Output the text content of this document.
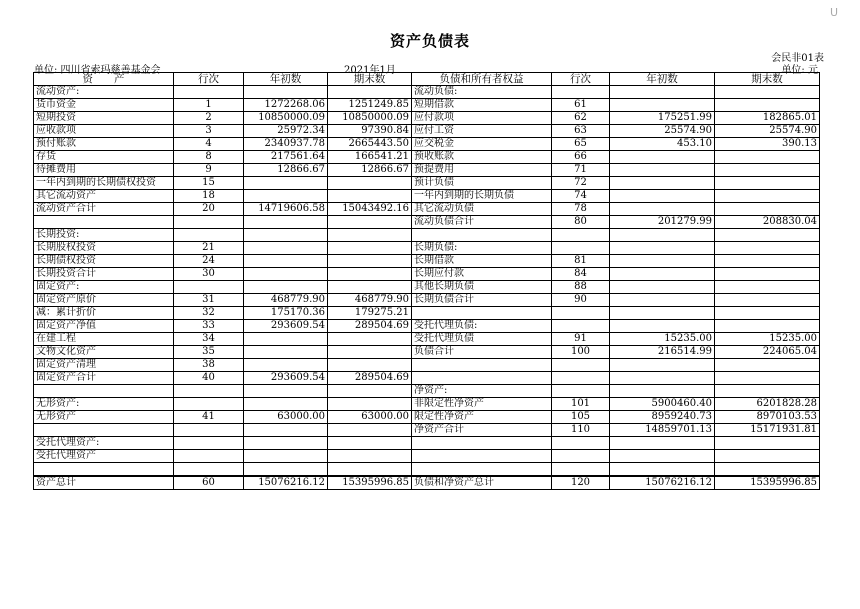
U
资产负债表
会民非01表
单位: 四川省索玛慈善基金会	2021年1月	单位: 元
资　　产	行次	年初数	期末数	负债和所有者权益	行次	年初数	期末数
流动资产:				流动负债:			
货币资金	1	1272268.06	1251249.85	短期借款	61		
短期投资	2	10850000.09	10850000.09	应付款项	62	175251.99	182865.01
应收款项	3	25972.34	97390.84	应付工资	63	25574.90	25574.90
预付账款	4	2340937.78	2665443.50	应交税金	65	453.10	390.13
存货	8	217561.64	166541.21	预收账款	66		
待摊费用	9	12866.67	12866.67	预提费用	71		
一年内到期的长期债权投资	15			预计负债	72		
其它流动资产	18			一年内到期的长期负债	74		
流动资产合计	20	14719606.58	15043492.16	其它流动负债	78		
				流动负债合计	80	201279.99	208830.04
长期投资:							
长期股权投资	21			长期负债:			
长期债权投资	24			长期借款	81		
长期投资合计	30			长期应付款	84		
固定资产:				其他长期负债	88		
固定资产原价	31	468779.90	468779.90	长期负债合计	90		
减：累计折价	32	175170.36	179275.21				
固定资产净值	33	293609.54	289504.69	受托代理负债:			
在建工程	34			受托代理负债	91	15235.00	15235.00
文物文化资产	35			负债合计	100	216514.99	224065.04
固定资产清理	38						
固定资产合计	40	293609.54	289504.69				
				净资产:			
无形资产:				非限定性净资产	101	5900460.40	6201828.28
无形资产	41	63000.00	63000.00	限定性净资产	105	8959240.73	8970103.53
				净资产合计	110	14859701.13	15171931.81
受托代理资产:							
受托代理资产							

资产总计	60	15076216.12	15395996.85	负债和净资产总计	120	15076216.12	15395996.85
